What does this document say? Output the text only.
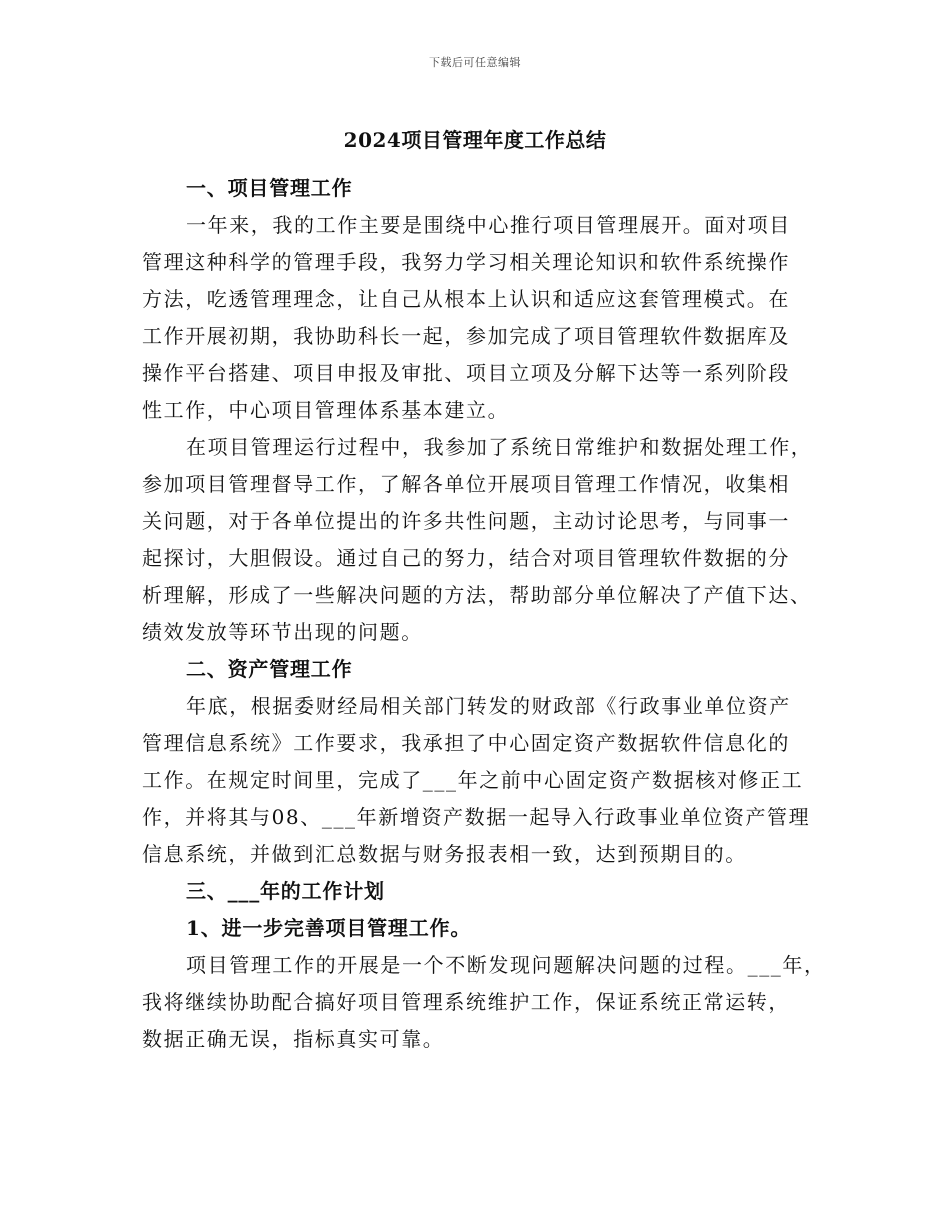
下载后可任意编辑
2024项目管理年度工作总结
一、项目管理工作
一年来，我的工作主要是围绕中心推行项目管理展开。面对项目
管理这种科学的管理手段，我努力学习相关理论知识和软件系统操作
方法，吃透管理理念，让自己从根本上认识和适应这套管理模式。在
工作开展初期，我协助科长一起，参加完成了项目管理软件数据库及
操作平台搭建、项目申报及审批、项目立项及分解下达等一系列阶段
性工作，中心项目管理体系基本建立。
在项目管理运行过程中，我参加了系统日常维护和数据处理工作，
参加项目管理督导工作，了解各单位开展项目管理工作情况，收集相
关问题，对于各单位提出的许多共性问题，主动讨论思考，与同事一
起探讨，大胆假设。通过自己的努力，结合对项目管理软件数据的分
析理解，形成了一些解决问题的方法，帮助部分单位解决了产值下达、
绩效发放等环节出现的问题。
二、资产管理工作
年底，根据委财经局相关部门转发的财政部《行政事业单位资产
管理信息系统》工作要求，我承担了中心固定资产数据软件信息化的
工作。在规定时间里，完成了___年之前中心固定资产数据核对修正工
作，并将其与08、___年新增资产数据一起导入行政事业单位资产管理
信息系统，并做到汇总数据与财务报表相一致，达到预期目的。
三、___年的工作计划
1、进一步完善项目管理工作。
项目管理工作的开展是一个不断发现问题解决问题的过程。___年，
我将继续协助配合搞好项目管理系统维护工作，保证系统正常运转，
数据正确无误，指标真实可靠。
